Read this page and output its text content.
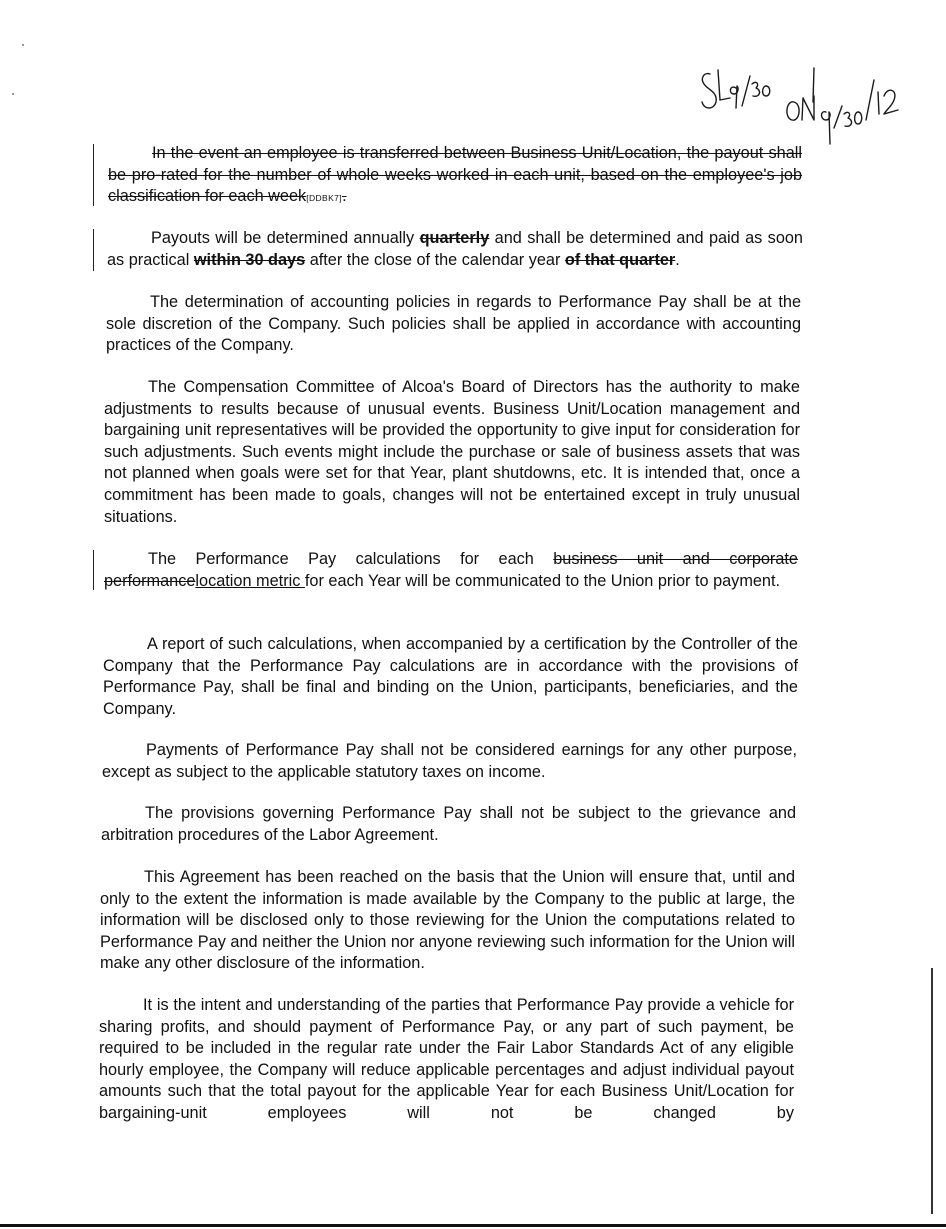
In the event an employee is transferred between Business Unit/Location, the payout shall be pro-rated for the number of whole weeks worked in each unit, based on the employee's job classification for each week[DDBK7].

Payouts will be determined annually quarterly and shall be determined and paid as soon as practical within 30 days after the close of the calendar year of that quarter.

The determination of accounting policies in regards to Performance Pay shall be at the sole discretion of the Company. Such policies shall be applied in accordance with accounting practices of the Company.

The Compensation Committee of Alcoa's Board of Directors has the authority to make adjustments to results because of unusual events. Business Unit/Location management and bargaining unit representatives will be provided the opportunity to give input for consideration for such adjustments. Such events might include the purchase or sale of business assets that was not planned when goals were set for that Year, plant shutdowns, etc. It is intended that, once a commitment has been made to goals, changes will not be entertained except in truly unusual situations.

The Performance Pay calculations for each business unit and corporate performancelocation metric for each Year will be communicated to the Union prior to payment.

A report of such calculations, when accompanied by a certification by the Controller of the Company that the Performance Pay calculations are in accordance with the provisions of Performance Pay, shall be final and binding on the Union, participants, beneficiaries, and the Company.

Payments of Performance Pay shall not be considered earnings for any other purpose, except as subject to the applicable statutory taxes on income.

The provisions governing Performance Pay shall not be subject to the grievance and arbitration procedures of the Labor Agreement.

This Agreement has been reached on the basis that the Union will ensure that, until and only to the extent the information is made available by the Company to the public at large, the information will be disclosed only to those reviewing for the Union the computations related to Performance Pay and neither the Union nor anyone reviewing such information for the Union will make any other disclosure of the information.

It is the intent and understanding of the parties that Performance Pay provide a vehicle for sharing profits, and should payment of Performance Pay, or any part of such payment, be required to be included in the regular rate under the Fair Labor Standards Act of any eligible hourly employee, the Company will reduce applicable percentages and adjust individual payout amounts such that the total payout for the applicable Year for each Business Unit/Location for bargaining-unit employees will not be changed by
